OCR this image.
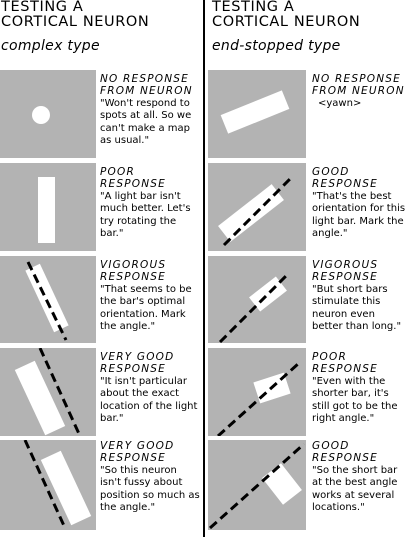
TESTING A
CORTICAL NEURON
complex type
TESTING A
CORTICAL NEURON
end-stopped type
NO RESPONSE FROM NEURON
"Won't respond to spots at all. So we can't make a map as usual."
POOR RESPONSE
"A light bar isn't much better. Let's try rotating the bar."
VIGOROUS RESPONSE
"That seems to be the bar's optimal orientation. Mark the angle."
VERY GOOD RESPONSE
"It isn't particular about the exact location of the light bar."
VERY GOOD RESPONSE
"So this neuron isn't fussy about position so much as the angle."
NO RESPONSE FROM NEURON
<yawn>
GOOD RESPONSE
"That's the best orientation for this light bar. Mark the angle."
VIGOROUS RESPONSE
"But short bars stimulate this neuron even better than long."
POOR RESPONSE
"Even with the shorter bar, it's still got to be the right angle."
GOOD RESPONSE
"So the short bar at the best angle works at several locations."
